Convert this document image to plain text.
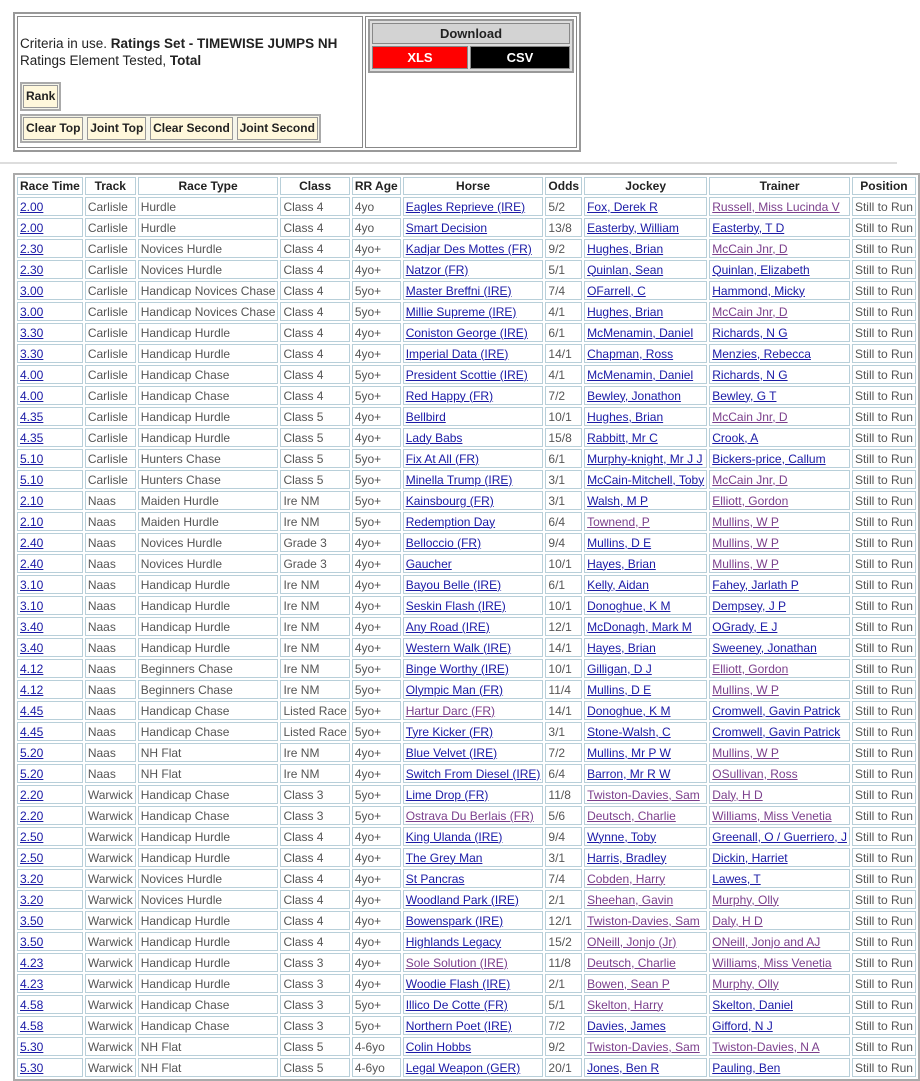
Criteria in use. Ratings Set - TIMEWISE JUMPS NH
Ratings Element Tested, Total
Rank
Clear Top Joint Top Clear Second Joint Second	
Download
XLS	CSV
Race Time	Track	Race Type	Class	RR Age	Horse	Odds	Jockey	Trainer	Position
2.00	Carlisle	Hurdle	Class 4	4yo	Eagles Reprieve (IRE)	5/2	Fox, Derek R	Russell, Miss Lucinda V	Still to Run
2.00	Carlisle	Hurdle	Class 4	4yo	Smart Decision	13/8	Easterby, William	Easterby, T D	Still to Run
2.30	Carlisle	Novices Hurdle	Class 4	4yo+	Kadjar Des Mottes (FR)	9/2	Hughes, Brian	McCain Jnr, D	Still to Run
2.30	Carlisle	Novices Hurdle	Class 4	4yo+	Natzor (FR)	5/1	Quinlan, Sean	Quinlan, Elizabeth	Still to Run
3.00	Carlisle	Handicap Novices Chase	Class 4	5yo+	Master Breffni (IRE)	7/4	OFarrell, C	Hammond, Micky	Still to Run
3.00	Carlisle	Handicap Novices Chase	Class 4	5yo+	Millie Supreme (IRE)	4/1	Hughes, Brian	McCain Jnr, D	Still to Run
3.30	Carlisle	Handicap Hurdle	Class 4	4yo+	Coniston George (IRE)	6/1	McMenamin, Daniel	Richards, N G	Still to Run
3.30	Carlisle	Handicap Hurdle	Class 4	4yo+	Imperial Data (IRE)	14/1	Chapman, Ross	Menzies, Rebecca	Still to Run
4.00	Carlisle	Handicap Chase	Class 4	5yo+	President Scottie (IRE)	4/1	McMenamin, Daniel	Richards, N G	Still to Run
4.00	Carlisle	Handicap Chase	Class 4	5yo+	Red Happy (FR)	7/2	Bewley, Jonathon	Bewley, G T	Still to Run
4.35	Carlisle	Handicap Hurdle	Class 5	4yo+	Bellbird	10/1	Hughes, Brian	McCain Jnr, D	Still to Run
4.35	Carlisle	Handicap Hurdle	Class 5	4yo+	Lady Babs	15/8	Rabbitt, Mr C	Crook, A	Still to Run
5.10	Carlisle	Hunters Chase	Class 5	5yo+	Fix At All (FR)	6/1	Murphy-knight, Mr J J	Bickers-price, Callum	Still to Run
5.10	Carlisle	Hunters Chase	Class 5	5yo+	Minella Trump (IRE)	3/1	McCain-Mitchell, Toby	McCain Jnr, D	Still to Run
2.10	Naas	Maiden Hurdle	Ire NM	5yo+	Kainsbourg (FR)	3/1	Walsh, M P	Elliott, Gordon	Still to Run
2.10	Naas	Maiden Hurdle	Ire NM	5yo+	Redemption Day	6/4	Townend, P	Mullins, W P	Still to Run
2.40	Naas	Novices Hurdle	Grade 3	4yo+	Belloccio (FR)	9/4	Mullins, D E	Mullins, W P	Still to Run
2.40	Naas	Novices Hurdle	Grade 3	4yo+	Gaucher	10/1	Hayes, Brian	Mullins, W P	Still to Run
3.10	Naas	Handicap Hurdle	Ire NM	4yo+	Bayou Belle (IRE)	6/1	Kelly, Aidan	Fahey, Jarlath P	Still to Run
3.10	Naas	Handicap Hurdle	Ire NM	4yo+	Seskin Flash (IRE)	10/1	Donoghue, K M	Dempsey, J P	Still to Run
3.40	Naas	Handicap Hurdle	Ire NM	4yo+	Any Road (IRE)	12/1	McDonagh, Mark M	OGrady, E J	Still to Run
3.40	Naas	Handicap Hurdle	Ire NM	4yo+	Western Walk (IRE)	14/1	Hayes, Brian	Sweeney, Jonathan	Still to Run
4.12	Naas	Beginners Chase	Ire NM	5yo+	Binge Worthy (IRE)	10/1	Gilligan, D J	Elliott, Gordon	Still to Run
4.12	Naas	Beginners Chase	Ire NM	5yo+	Olympic Man (FR)	11/4	Mullins, D E	Mullins, W P	Still to Run
4.45	Naas	Handicap Chase	Listed Race	5yo+	Hartur Darc (FR)	14/1	Donoghue, K M	Cromwell, Gavin Patrick	Still to Run
4.45	Naas	Handicap Chase	Listed Race	5yo+	Tyre Kicker (FR)	3/1	Stone-Walsh, C	Cromwell, Gavin Patrick	Still to Run
5.20	Naas	NH Flat	Ire NM	4yo+	Blue Velvet (IRE)	7/2	Mullins, Mr P W	Mullins, W P	Still to Run
5.20	Naas	NH Flat	Ire NM	4yo+	Switch From Diesel (IRE)	6/4	Barron, Mr R W	OSullivan, Ross	Still to Run
2.20	Warwick	Handicap Chase	Class 3	5yo+	Lime Drop (FR)	11/8	Twiston-Davies, Sam	Daly, H D	Still to Run
2.20	Warwick	Handicap Chase	Class 3	5yo+	Ostrava Du Berlais (FR)	5/6	Deutsch, Charlie	Williams, Miss Venetia	Still to Run
2.50	Warwick	Handicap Hurdle	Class 4	4yo+	King Ulanda (IRE)	9/4	Wynne, Toby	Greenall, O / Guerriero, J	Still to Run
2.50	Warwick	Handicap Hurdle	Class 4	4yo+	The Grey Man	3/1	Harris, Bradley	Dickin, Harriet	Still to Run
3.20	Warwick	Novices Hurdle	Class 4	4yo+	St Pancras	7/4	Cobden, Harry	Lawes, T	Still to Run
3.20	Warwick	Novices Hurdle	Class 4	4yo+	Woodland Park (IRE)	2/1	Sheehan, Gavin	Murphy, Olly	Still to Run
3.50	Warwick	Handicap Hurdle	Class 4	4yo+	Bowenspark (IRE)	12/1	Twiston-Davies, Sam	Daly, H D	Still to Run
3.50	Warwick	Handicap Hurdle	Class 4	4yo+	Highlands Legacy	15/2	ONeill, Jonjo (Jr)	ONeill, Jonjo and AJ	Still to Run
4.23	Warwick	Handicap Hurdle	Class 3	4yo+	Sole Solution (IRE)	11/8	Deutsch, Charlie	Williams, Miss Venetia	Still to Run
4.23	Warwick	Handicap Hurdle	Class 3	4yo+	Woodie Flash (IRE)	2/1	Bowen, Sean P	Murphy, Olly	Still to Run
4.58	Warwick	Handicap Chase	Class 3	5yo+	Illico De Cotte (FR)	5/1	Skelton, Harry	Skelton, Daniel	Still to Run
4.58	Warwick	Handicap Chase	Class 3	5yo+	Northern Poet (IRE)	7/2	Davies, James	Gifford, N J	Still to Run
5.30	Warwick	NH Flat	Class 5	4-6yo	Colin Hobbs	9/2	Twiston-Davies, Sam	Twiston-Davies, N A	Still to Run
5.30	Warwick	NH Flat	Class 5	4-6yo	Legal Weapon (GER)	20/1	Jones, Ben R	Pauling, Ben	Still to Run
